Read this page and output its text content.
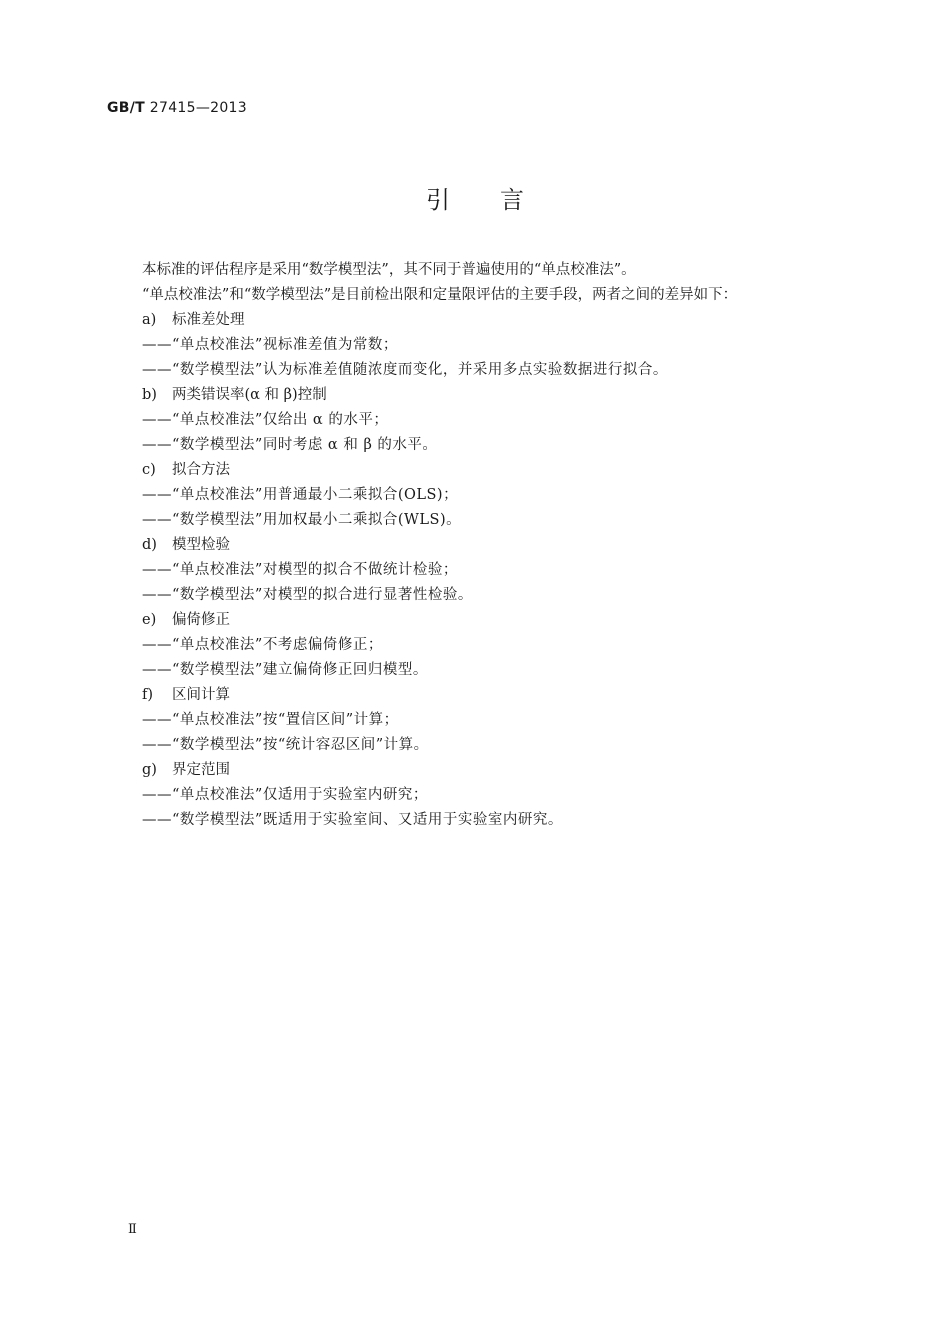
GB/T 27415—2013
引言
本标准的评估程序是采用“数学模型法”，其不同于普遍使用的“单点校准法”。
“单点校准法”和“数学模型法”是目前检出限和定量限评估的主要手段，两者之间的差异如下：
a) 标准差处理
——“单点校准法”视标准差值为常数；
——“数学模型法”认为标准差值随浓度而变化，并采用多点实验数据进行拟合。
b) 两类错误率(α 和 β)控制
——“单点校准法”仅给出 α 的水平；
——“数学模型法”同时考虑 α 和 β 的水平。
c) 拟合方法
——“单点校准法”用普通最小二乘拟合(OLS)；
——“数学模型法”用加权最小二乘拟合(WLS)。
d) 模型检验
——“单点校准法”对模型的拟合不做统计检验；
——“数学模型法”对模型的拟合进行显著性检验。
e) 偏倚修正
——“单点校准法”不考虑偏倚修正；
——“数学模型法”建立偏倚修正回归模型。
f) 区间计算
——“单点校准法”按“置信区间”计算；
——“数学模型法”按“统计容忍区间”计算。
g) 界定范围
——“单点校准法”仅适用于实验室内研究；
——“数学模型法”既适用于实验室间、又适用于实验室内研究。
Ⅱ
